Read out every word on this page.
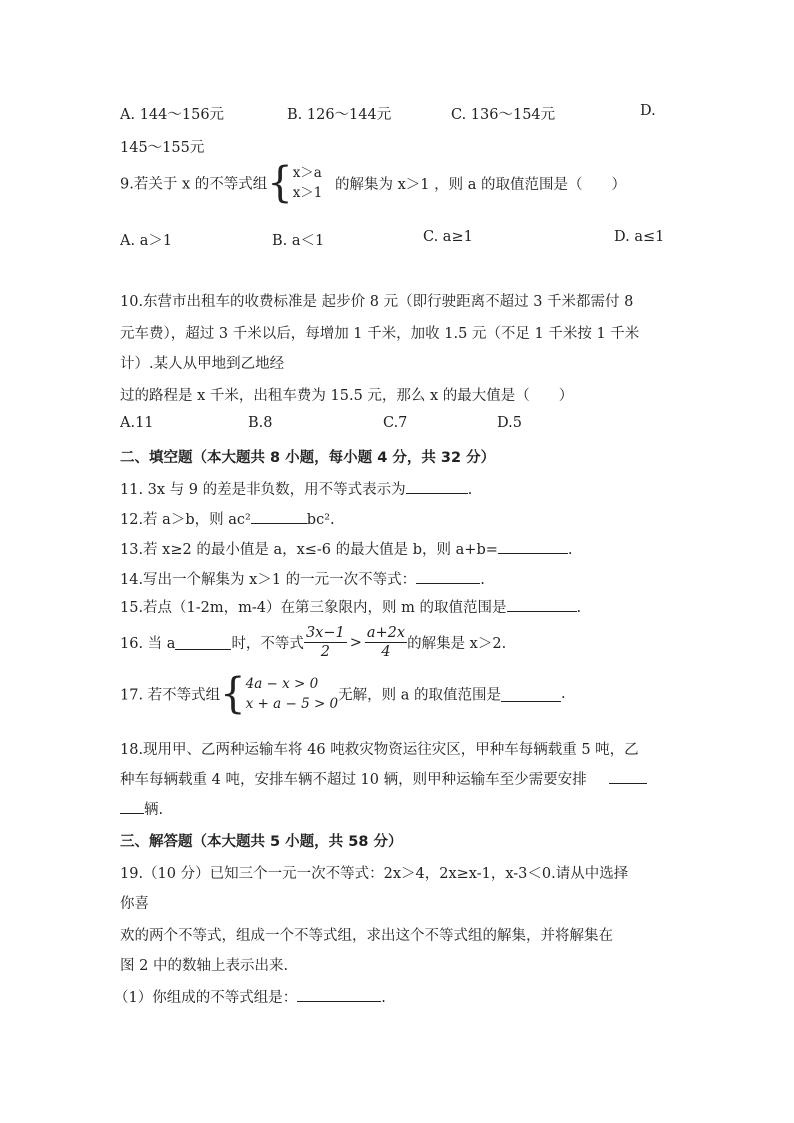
A. 144～156元	B. 126～144元	C. 136～154元	D.
145～155元
9.若关于 x 的不等式组{ x＞a
x＞1
的解集为 x＞1 ，则 a 的取值范围是（　　）
A. a＞1	B. a＜1	C. a≥1	D. a≤1
10.东营市出租车的收费标准是 起步价 8 元（即行驶距离不超过 3 千米都需付 8
元车费），超过 3 千米以后，每增加 1 千米，加收 1.5 元（不足 1 千米按 1 千米
计）.某人从甲地到乙地经
过的路程是 x 千米，出租车费为 15.5 元，那么 x 的最大值是（　　）
A.11	B.8	C.7	D.5
二、填空题（本大题共 8 小题，每小题 4 分，共 32 分）
11. 3x 与 9 的差是非负数，用不等式表示为	.
12.若 a＞b，则 ac²	bc².
13.若 x≥2 的最小值是 a，x≤-6 的最大值是 b，则 a+b=	.
14.写出一个解集为 x＞1 的一元一次不等式：	.
15.若点（1-2m，m-4）在第三象限内，则 m 的取值范围是	.
16. 当 a	时，不等式 $\frac{3x-1}{2} > \frac{a+2x}{4}$ 的解集是 x＞2.
17. 若不等式组{ 4a − x > 0
x + a − 5 > 0
无解，则 a 的取值范围是	.
18.现用甲、乙两种运输车将 46 吨救灾物资运往灾区，甲种车每辆载重 5 吨，乙
种车每辆载重 4 吨，安排车辆不超过 10 辆，则甲种运输车至少需要安排
辆.
三、解答题（本大题共 5 小题，共 58 分）
19.（10 分）已知三个一元一次不等式：2x＞4，2x≥x-1，x-3＜0.请从中选择
你喜
欢的两个不等式，组成一个不等式组，求出这个不等式组的解集，并将解集在
图 2 中的数轴上表示出来.
（1）你组成的不等式组是：	.
